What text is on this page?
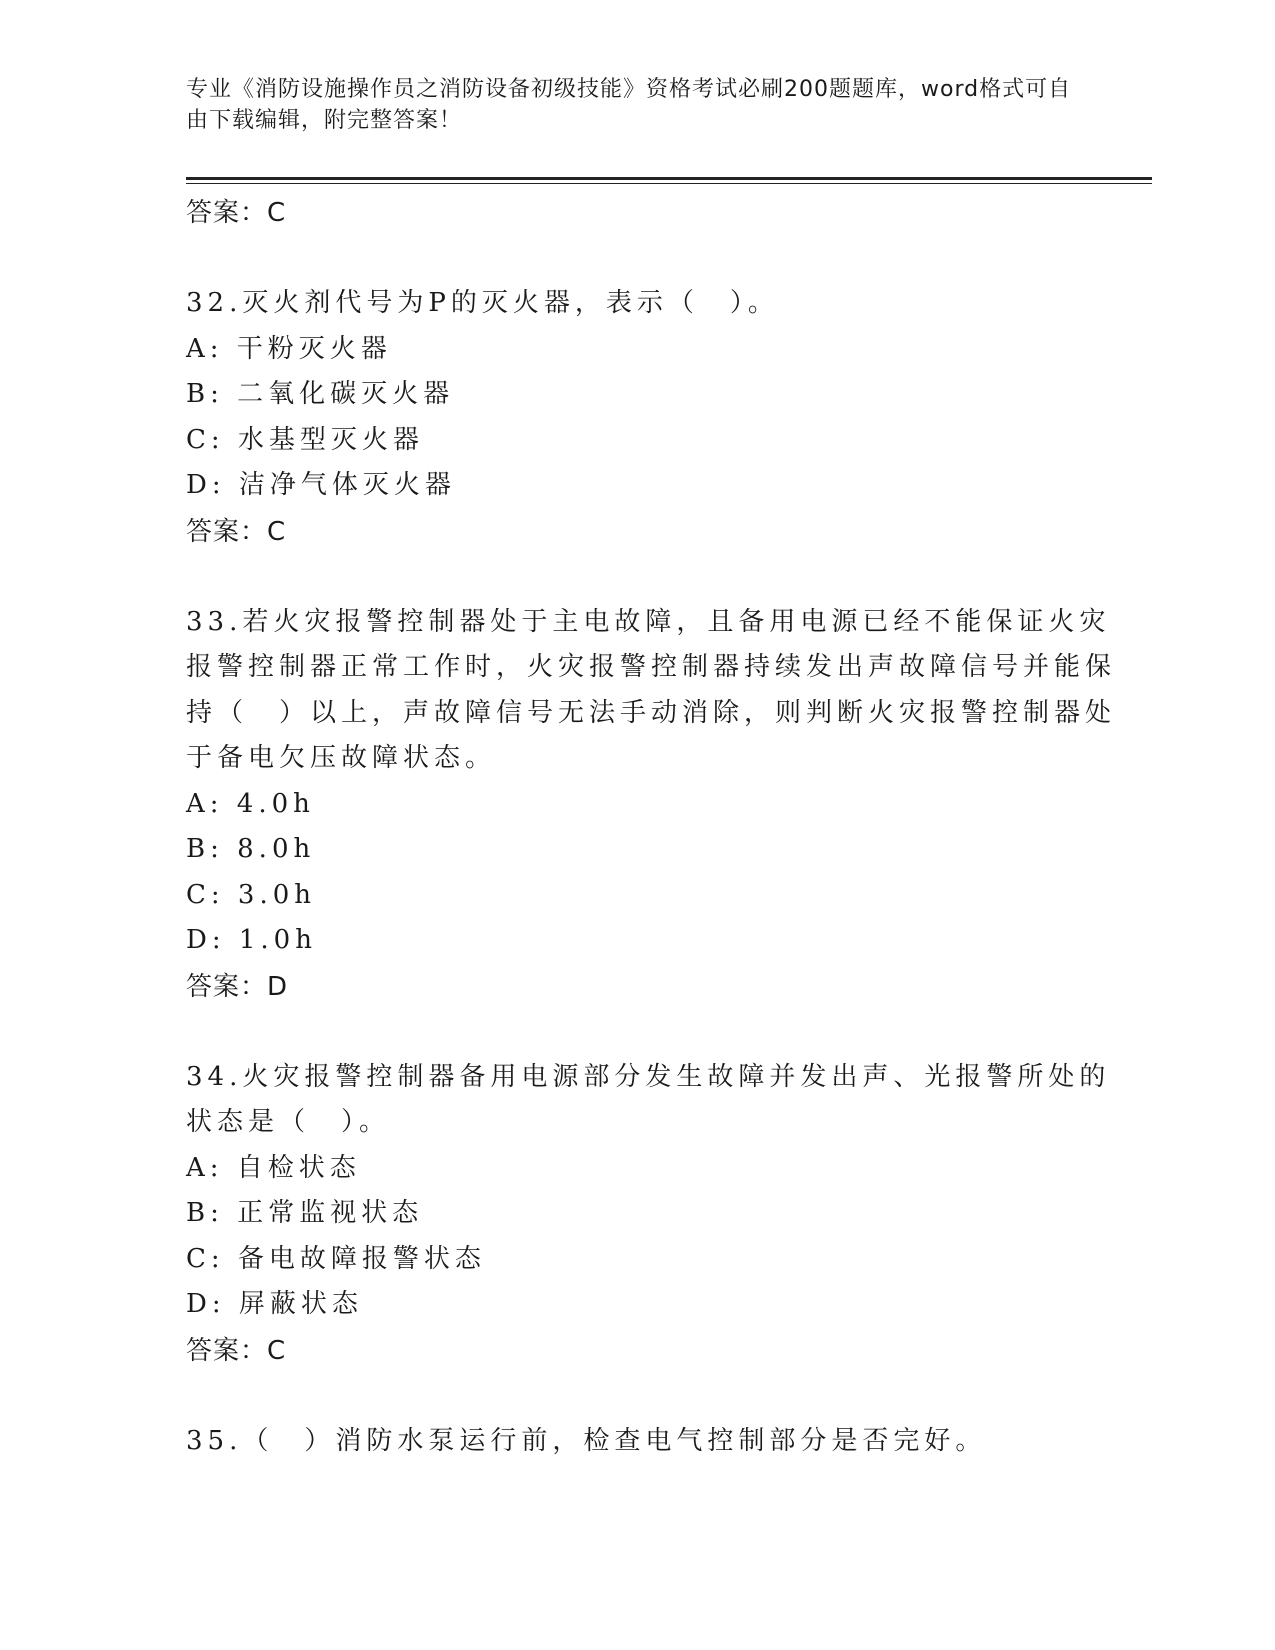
专业《消防设施操作员之消防设备初级技能》资格考试必刷200题题库，word格式可自由下载编辑，附完整答案！
答案：C
32.灭火剂代号为P的灭火器，表示（　）。
A: 干粉灭火器
B: 二氧化碳灭火器
C: 水基型灭火器
D: 洁净气体灭火器
答案：C
33.若火灾报警控制器处于主电故障，且备用电源已经不能保证火灾报警控制器正常工作时，火灾报警控制器持续发出声故障信号并能保持（　）以上，声故障信号无法手动消除，则判断火灾报警控制器处于备电欠压故障状态。
A: 4.0h
B: 8.0h
C: 3.0h
D: 1.0h
答案：D
34.火灾报警控制器备用电源部分发生故障并发出声、光报警所处的状态是（　）。
A: 自检状态
B: 正常监视状态
C: 备电故障报警状态
D: 屏蔽状态
答案：C
35.（　）消防水泵运行前，检查电气控制部分是否完好。
